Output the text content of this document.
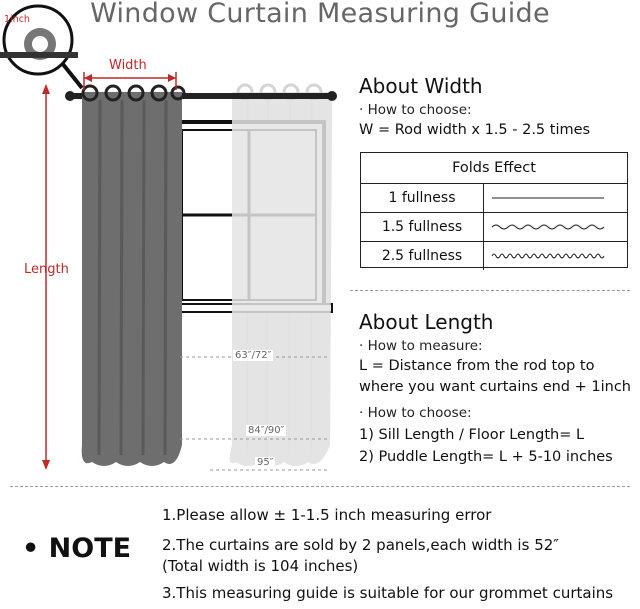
Window Curtain Measuring Guide
1inch
Width
Length
63″/72″
84″/90″
95″
About Width
· How to choose:
W = Rod width x 1.5 - 2.5 times
Folds Effect
1 fullness
1.5 fullness
2.5 fullness
About Length
· How to measure:
L = Distance from the rod top to
where you want curtains end + 1inch
· How to choose:
1) Sill Length / Floor Length= L
2) Puddle Length= L + 5-10 inches
• NOTE
1.Please allow ± 1-1.5 inch measuring error
2.The curtains are sold by 2 panels,each width is 52″
(Total width is 104 inches)
3.This measuring guide is suitable for our grommet curtains
